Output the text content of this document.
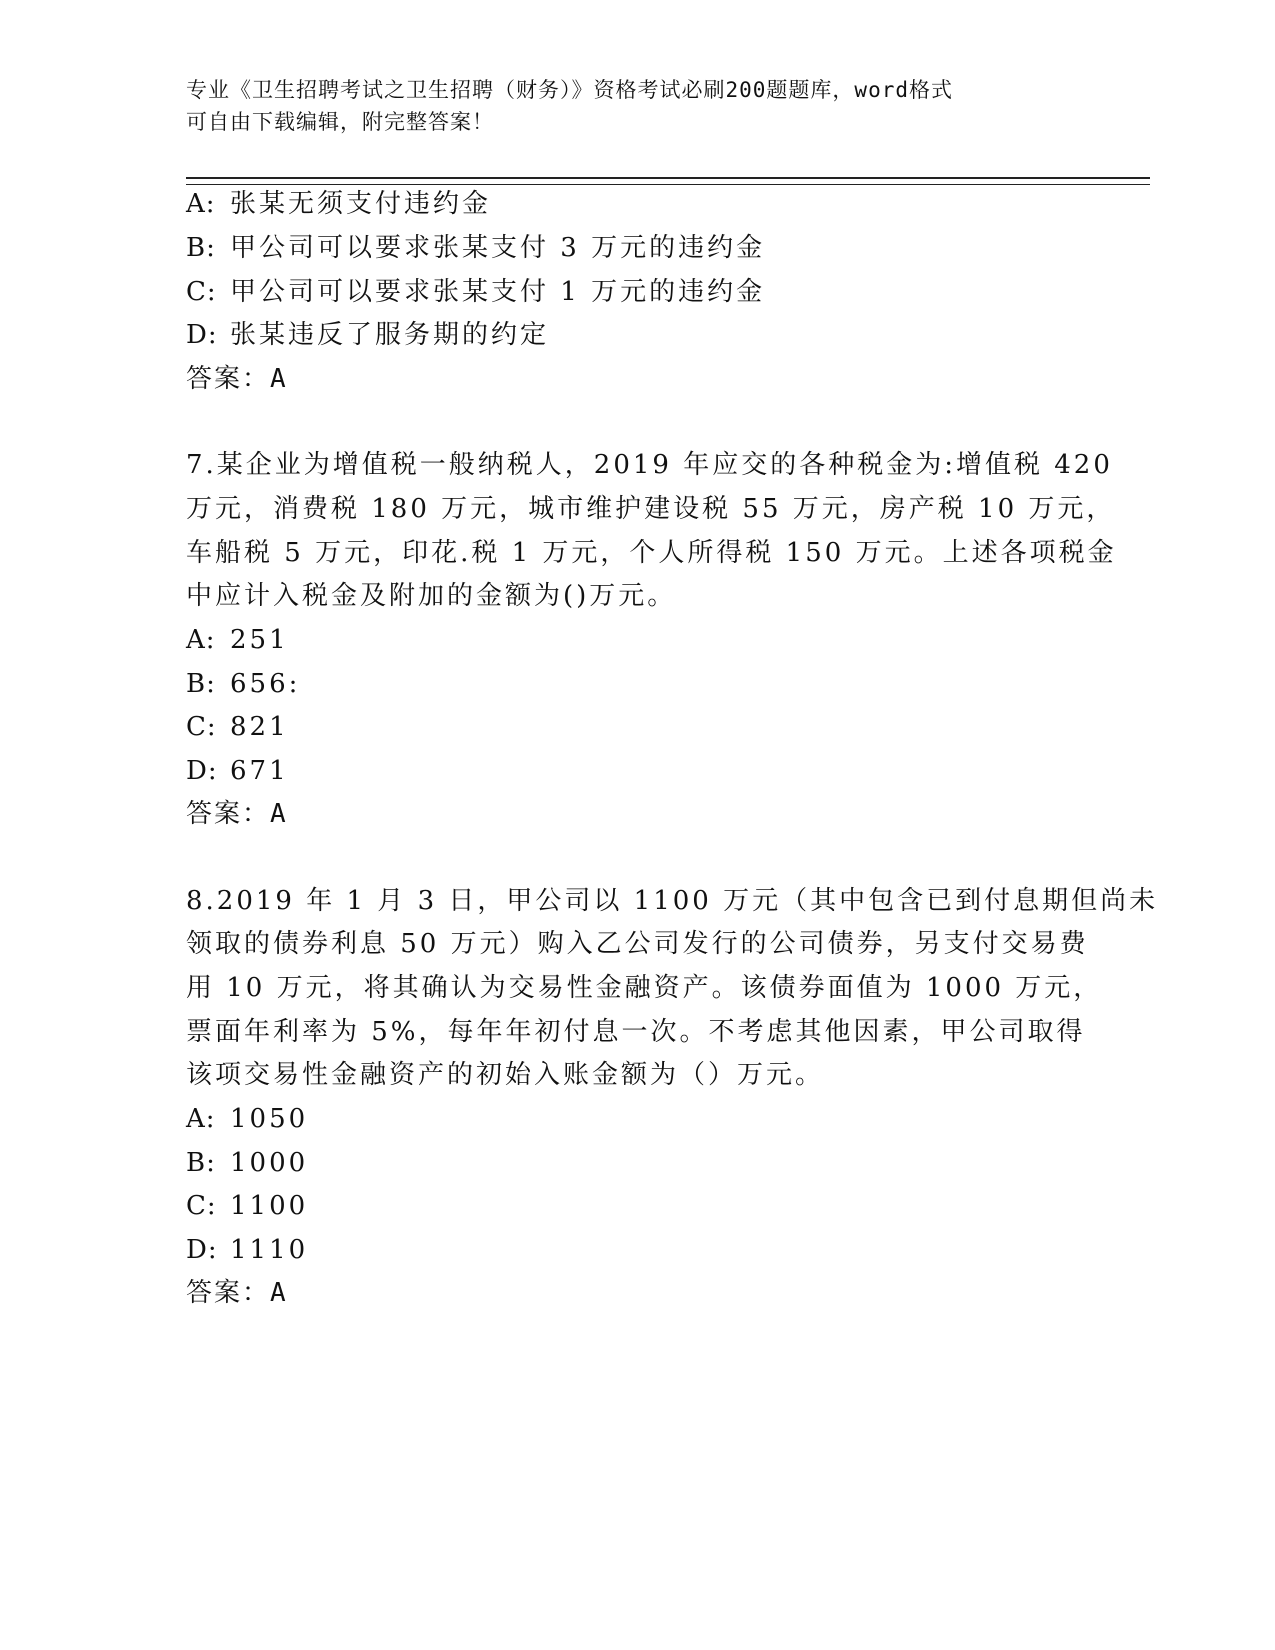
专业《卫生招聘考试之卫生招聘（财务）》资格考试必刷200题题库，word格式
可自由下载编辑，附完整答案！
A: 张某无须支付违约金
B: 甲公司可以要求张某支付 3 万元的违约金
C: 甲公司可以要求张某支付 1 万元的违约金
D: 张某违反了服务期的约定
答案：A
7.某企业为增值税一般纳税人，2019 年应交的各种税金为:增值税 420
万元，消费税 180 万元，城市维护建设税 55 万元，房产税 10 万元，
车船税 5 万元，印花.税 1 万元，个人所得税 150 万元。上述各项税金
中应计入税金及附加的金额为()万元。
A: 251
B: 656:
C: 821
D: 671
答案：A
8.2019 年 1 月 3 日，甲公司以 1100 万元（其中包含已到付息期但尚未
领取的债券利息 50 万元）购入乙公司发行的公司债券，另支付交易费
用 10 万元，将其确认为交易性金融资产。该债券面值为 1000 万元，
票面年利率为 5%，每年年初付息一次。不考虑其他因素，甲公司取得
该项交易性金融资产的初始入账金额为（）万元。
A: 1050
B: 1000
C: 1100
D: 1110
答案：A
